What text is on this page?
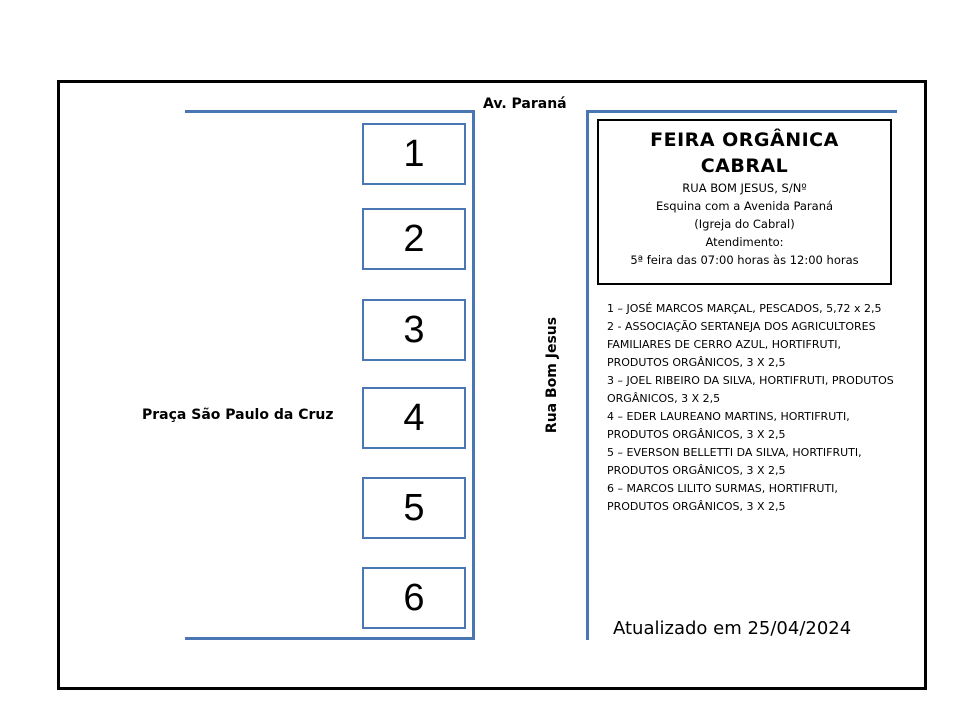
Av. Paraná
Rua Bom Jesus
Praça São Paulo da Cruz
1
2
3
4
5
6
FEIRA ORGÂNICA
CABRAL
RUA BOM JESUS, S/Nº
Esquina com a Avenida Paraná
(Igreja do Cabral)
Atendimento:
5ª feira das 07:00 horas às 12:00 horas
1 – JOSÉ MARCOS MARÇAL, PESCADOS, 5,72 x 2,5
2 - ASSOCIAÇÃO SERTANEJA DOS AGRICULTORES FAMILIARES DE CERRO AZUL, HORTIFRUTI, PRODUTOS ORGÂNICOS, 3 X 2,5
3 – JOEL RIBEIRO DA SILVA, HORTIFRUTI, PRODUTOS ORGÂNICOS, 3 X 2,5
4 – EDER LAUREANO MARTINS, HORTIFRUTI, PRODUTOS ORGÂNICOS, 3 X 2,5
5 – EVERSON BELLETTI DA SILVA, HORTIFRUTI, PRODUTOS ORGÂNICOS, 3 X 2,5
6 – MARCOS LILITO SURMAS, HORTIFRUTI, PRODUTOS ORGÂNICOS, 3 X 2,5
Atualizado em 25/04/2024
